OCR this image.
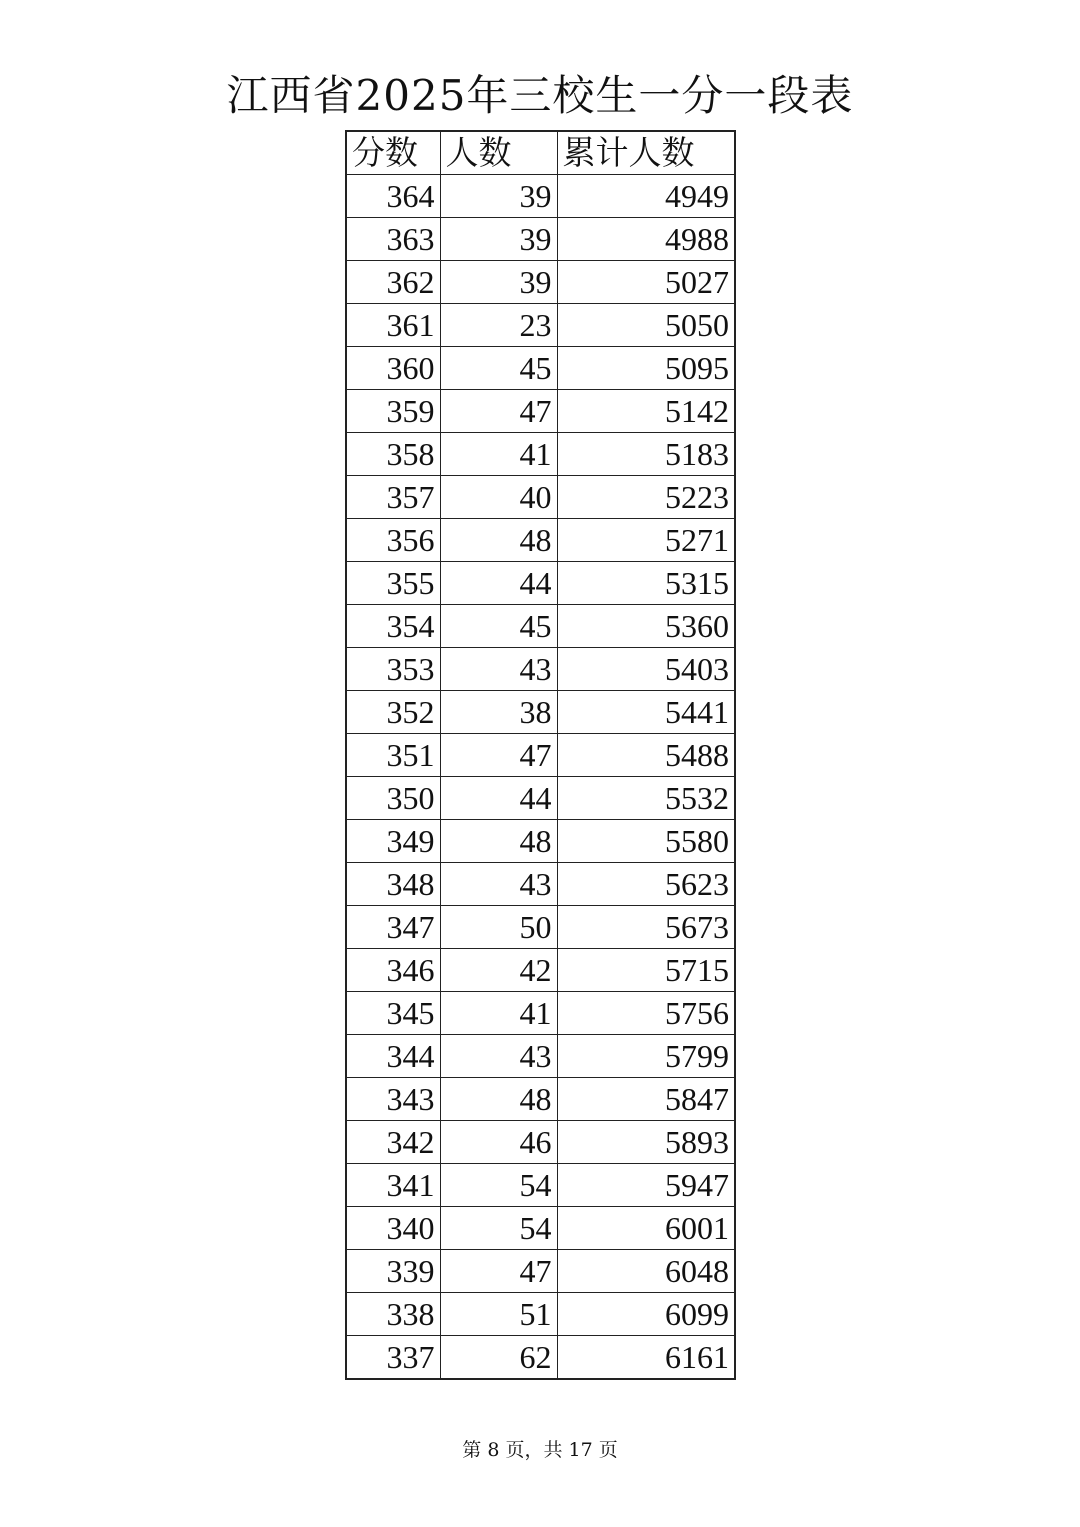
江西省2025年三校生一分一段表
分数	人数	累计人数
364	39	4949
363	39	4988
362	39	5027
361	23	5050
360	45	5095
359	47	5142
358	41	5183
357	40	5223
356	48	5271
355	44	5315
354	45	5360
353	43	5403
352	38	5441
351	47	5488
350	44	5532
349	48	5580
348	43	5623
347	50	5673
346	42	5715
345	41	5756
344	43	5799
343	48	5847
342	46	5893
341	54	5947
340	54	6001
339	47	6048
338	51	6099
337	62	6161
第 8 页，共 17 页
